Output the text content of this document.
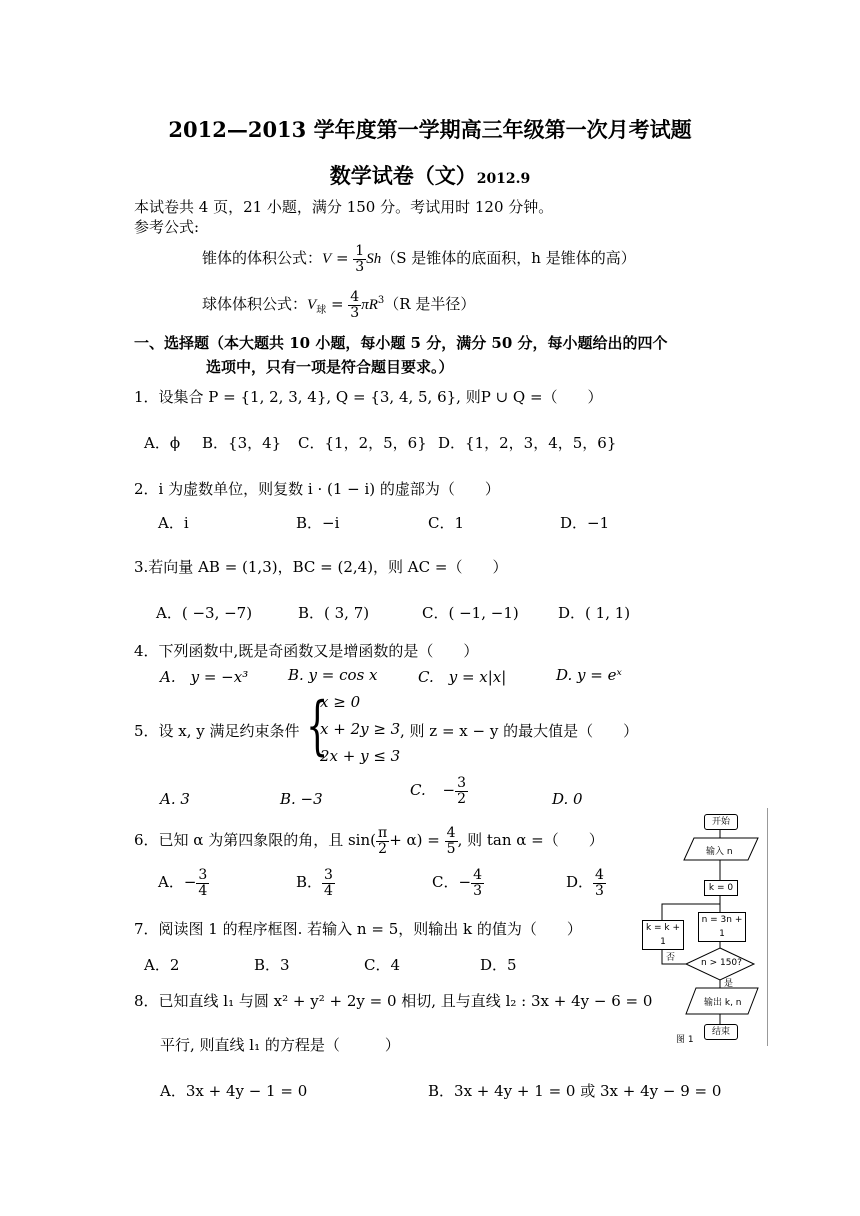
2012—2013 学年度第一学期高三年级第一次月考试题
数学试卷（文）2012.9
本试卷共 4 页，21 小题，满分 150 分。考试用时 120 分钟。
参考公式:
锥体的体积公式：$V = \frac{1}{3} Sh(S$ 是锥体的底面积，h 是锥体的高）
球体体积公式：$V_球 = \frac{4}{3} \pi R^3(R$ 是半径）
一、选择题（本大题共 10 小题，每小题 5 分，满分 50 分，每小题给出的四个
选项中，只有一项是符合题目要求。）
1．设集合 P = {1, 2, 3, 4}, Q = {3, 4, 5, 6}, 则P ∪ Q =（　　）
A．ϕ B．{3，4} C．{1，2，5，6} D．{1，2，3，4，5，6}
2．i 为虚数单位，则复数 i · (1 − i) 的虚部为（　　）
A．i	B．−i	C．1	D．−1
3.若向量 AB = (1,3)，BC = (2,4)，则 AC =（　　）
A．( −3, −7)	B．( 3, 7)	C．( −1, −1)	D．( 1, 1)
4．下列函数中,既是奇函数又是增函数的是（　　）
A.　y = −x³	B. y = cos x	C.　y = x|x|	D. y = eˣ
5．设 x, y 满足约束条件 {
x ≥ 0
x + 2y ≥ 3
2x + y ≤ 3
, 则 z = x − y 的最大值是（　　）
A. 3	B. −3	C. − $\frac{3}{2}$	D. 0
6．已知 α 为第四象限的角，且 $\sin( \frac{\pi}{2} + \alpha) = \frac{4}{5}$ , 则 tan α =（　　）
A．− $\frac{3}{4}$	B． $\frac{3}{4}$	C．− $\frac{4}{3}$	D． $\frac{4}{3}$
7．阅读图 1 的程序框图. 若输入 n = 5，则输出 k 的值为（　　）
A．2	B．3	C．4	D．5
8．已知直线 l₁ 与圆 x² + y² + 2y = 0 相切, 且与直线 l₂ : 3x + 4y − 6 = 0
平行, 则直线 l₁ 的方程是（　　　）
A．3x + 4y − 1 = 0	B．3x + 4y + 1 = 0 或 3x + 4y − 9 = 0
开始
输入 n
k = 0
n = 3n + 1
k = k + 1
n > 150?
否
是
输出 k, n
结束
图 1
